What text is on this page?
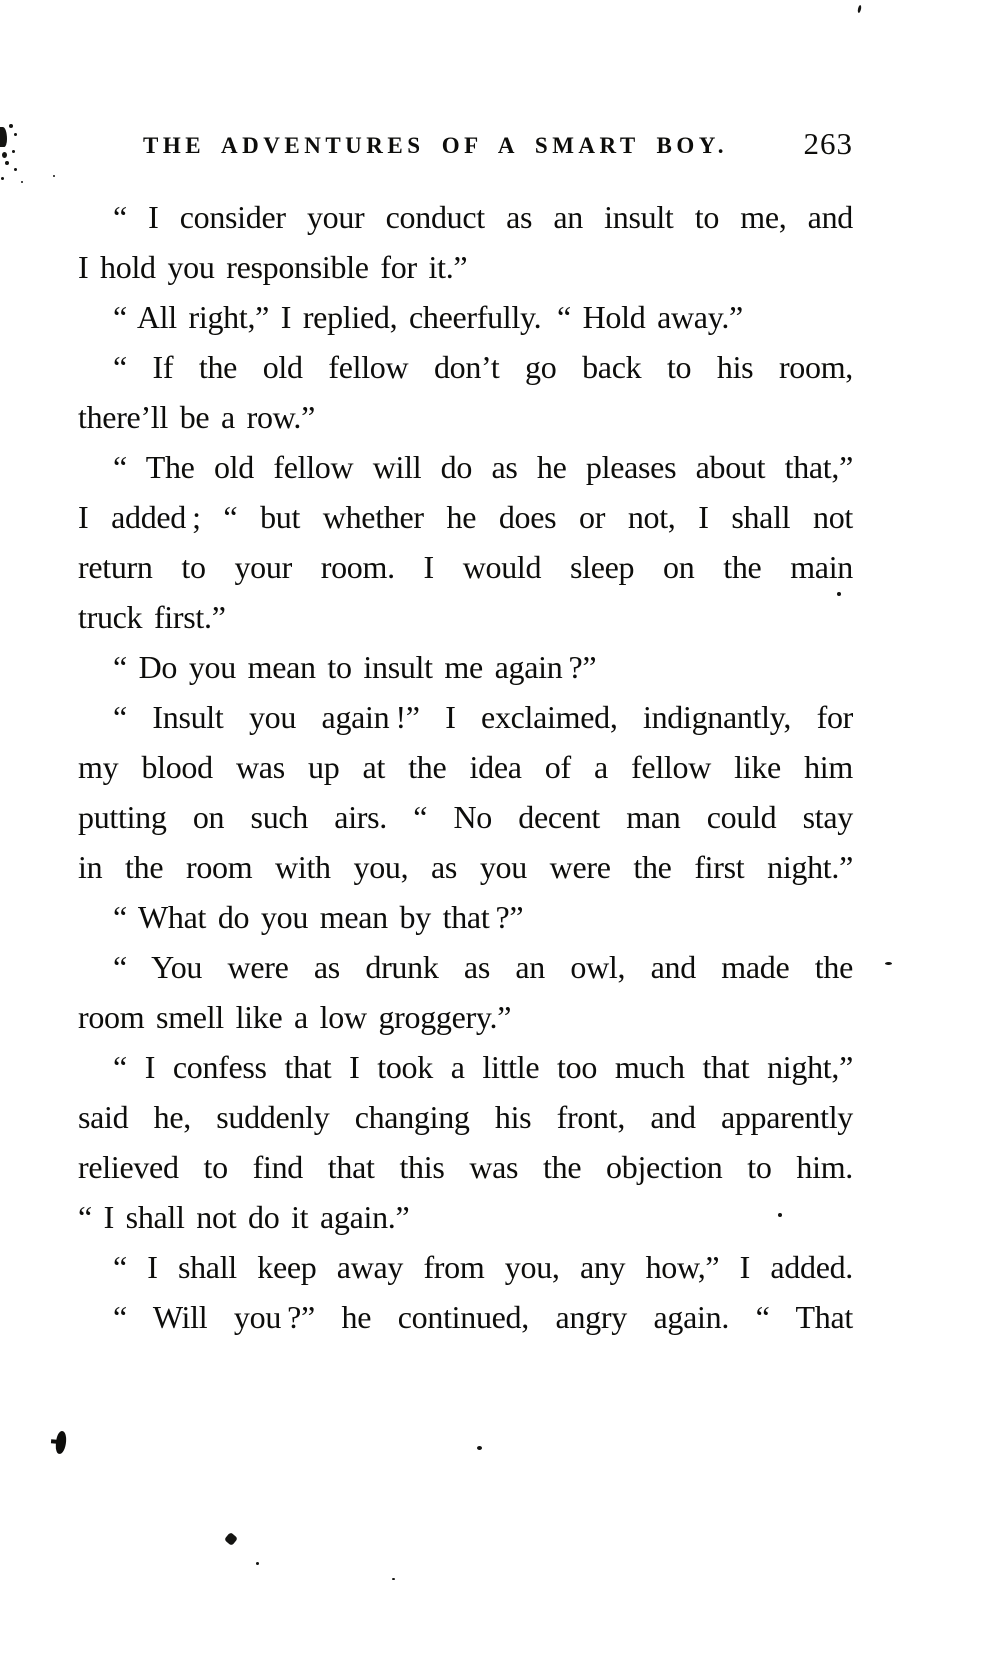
THE ADVENTURES OF A SMART BOY.	263
“ I consider your conduct as an insult to me, and
I hold you responsible for it.”
“ All right,” I replied, cheerfully. “ Hold away.”
“ If the old fellow don’t go back to his room,
there’ll be a row.”
“ The old fellow will do as he pleases about that,”
I added ; “ but whether he does or not, I shall not
return to your room. I would sleep on the main
truck first.”
“ Do you mean to insult me again ?”
“ Insult you again !” I exclaimed, indignantly, for
my blood was up at the idea of a fellow like him
putting on such airs. “ No decent man could stay
in the room with you, as you were the first night.”
“ What do you mean by that ?”
“ You were as drunk as an owl, and made the
room smell like a low groggery.”
“ I confess that I took a little too much that night,”
said he, suddenly changing his front, and apparently
relieved to find that this was the objection to him.
“ I shall not do it again.”
“ I shall keep away from you, any how,” I added.
“ Will you ?” he continued, angry again. “ That
